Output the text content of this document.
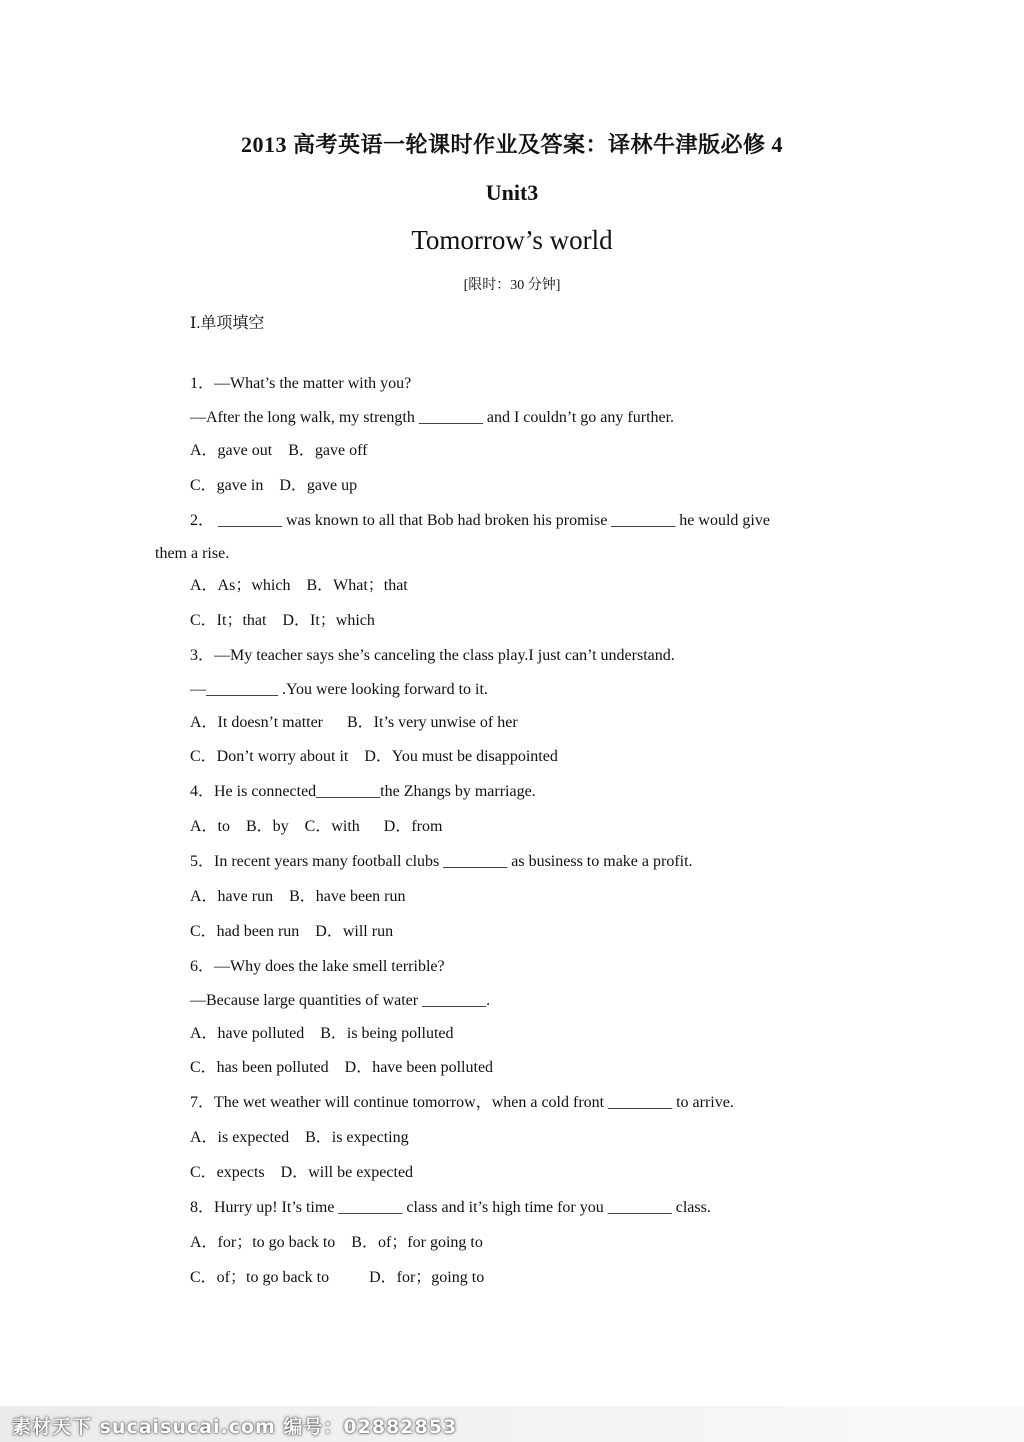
2013 高考英语一轮课时作业及答案：译林牛津版必修 4
Unit3
Tomorrow’s world
[限时：30 分钟]
Ⅰ.单项填空
1．—What’s the matter with you?
—After the long walk, my strength ________ and I couldn’t go any further.
A．gave out    B．gave off
C．gave in    D．gave up
2． ________ was known to all that Bob had broken his promise ________ he would give
them a rise.
A．As；which    B．What；that
C．It；that    D．It；which
3．—My teacher says she’s canceling the class play.I just can’t understand.
—_________ .You were looking forward to it.
A．It doesn’t matter      B．It’s very unwise of her
C．Don’t worry about it    D．You must be disappointed
4．He is connected________the Zhangs by marriage.
A．to    B．by    C．with      D．from
5．In recent years many football clubs ________ as business to make a profit.
A．have run    B．have been run
C．had been run    D．will run
6．—Why does the lake smell terrible?
—Because large quantities of water ________.
A．have polluted    B．is being polluted
C．has been polluted    D．have been polluted
7．The wet weather will continue tomorrow，when a cold front ________ to arrive.
A．is expected    B．is expecting
C．expects    D．will be expected
8．Hurry up! It’s time ________ class and it’s high time for you ________ class.
A．for；to go back to    B．of；for going to
C．of；to go back to          D．for；going to
素材天下 sucaisucai.com 编号：02882853
